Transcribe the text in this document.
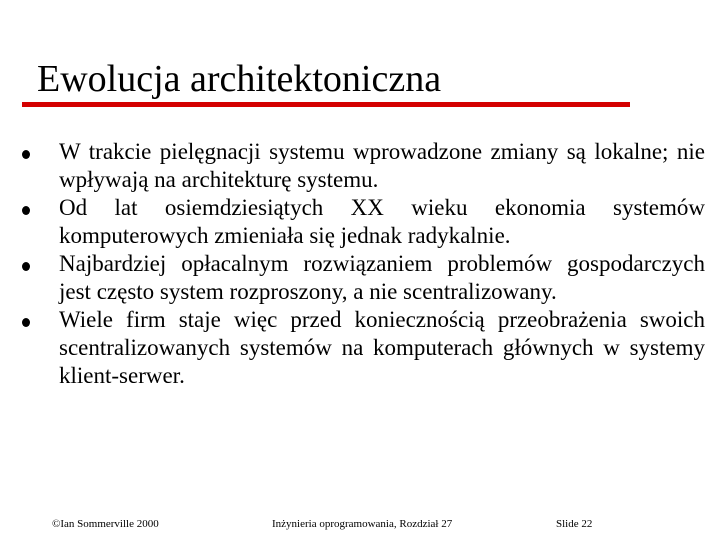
Ewolucja architektoniczna
W trakcie pielęgnacji systemu wprowadzone zmiany są lokalne; nie wpływają na architekturę systemu.
Od lat osiemdziesiątych XX wieku ekonomia systemów komputerowych zmieniała się jednak radykalnie.
Najbardziej opłacalnym rozwiązaniem problemów gospodarczych jest często system rozproszony, a nie scentralizowany.
Wiele firm staje więc przed koniecznością przeobrażenia swoich scentralizowanych systemów na komputerach głównych w systemy klient-serwer.
©Ian Sommerville 2000	Inżynieria oprogramowania, Rozdział 27	Slide 22
